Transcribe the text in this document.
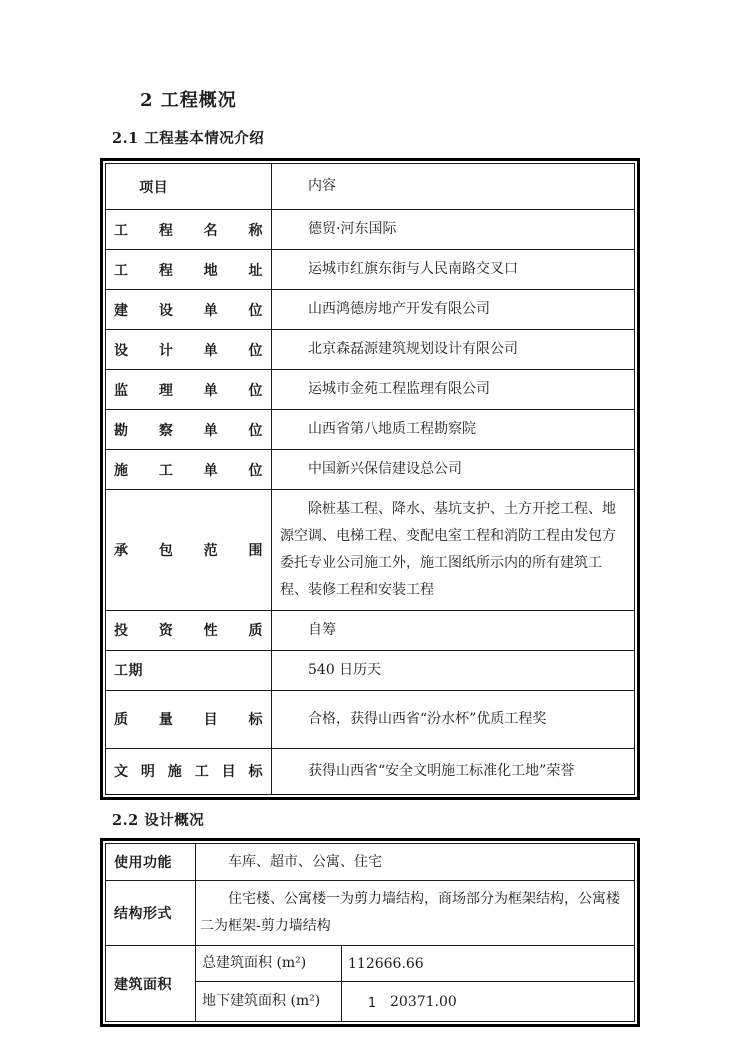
2 工程概况
2.1 工程基本情况介绍
项目	内容
工程名称	德贸·河东国际
工程地址	运城市红旗东街与人民南路交叉口
建设单位	山西鸿德房地产开发有限公司
设计单位	北京森磊源建筑规划设计有限公司
监理单位	运城市金苑工程监理有限公司
勘察单位	山西省第八地质工程勘察院
施工单位	中国新兴保信建设总公司
承包范围	除桩基工程、降水、基坑支护、土方开挖工程、地源空调、电梯工程、变配电室工程和消防工程由发包方委托专业公司施工外，施工图纸所示内的所有建筑工程、装修工程和安装工程
投资性质	自筹
工期	540 日历天
质量目标	合格，获得山西省“汾水杯”优质工程奖
文明施工目标	获得山西省“安全文明施工标准化工地”荣誉
2.2 设计概况
使用功能	车库、超市、公寓、住宅	
结构形式	住宅楼、公寓楼一为剪力墙结构，商场部分为框架结构，公寓楼二为框架-剪力墙结构	
建筑面积	总建筑面积 (m²)	112666.66
	地下建筑面积 (m²)	20371.00
1
